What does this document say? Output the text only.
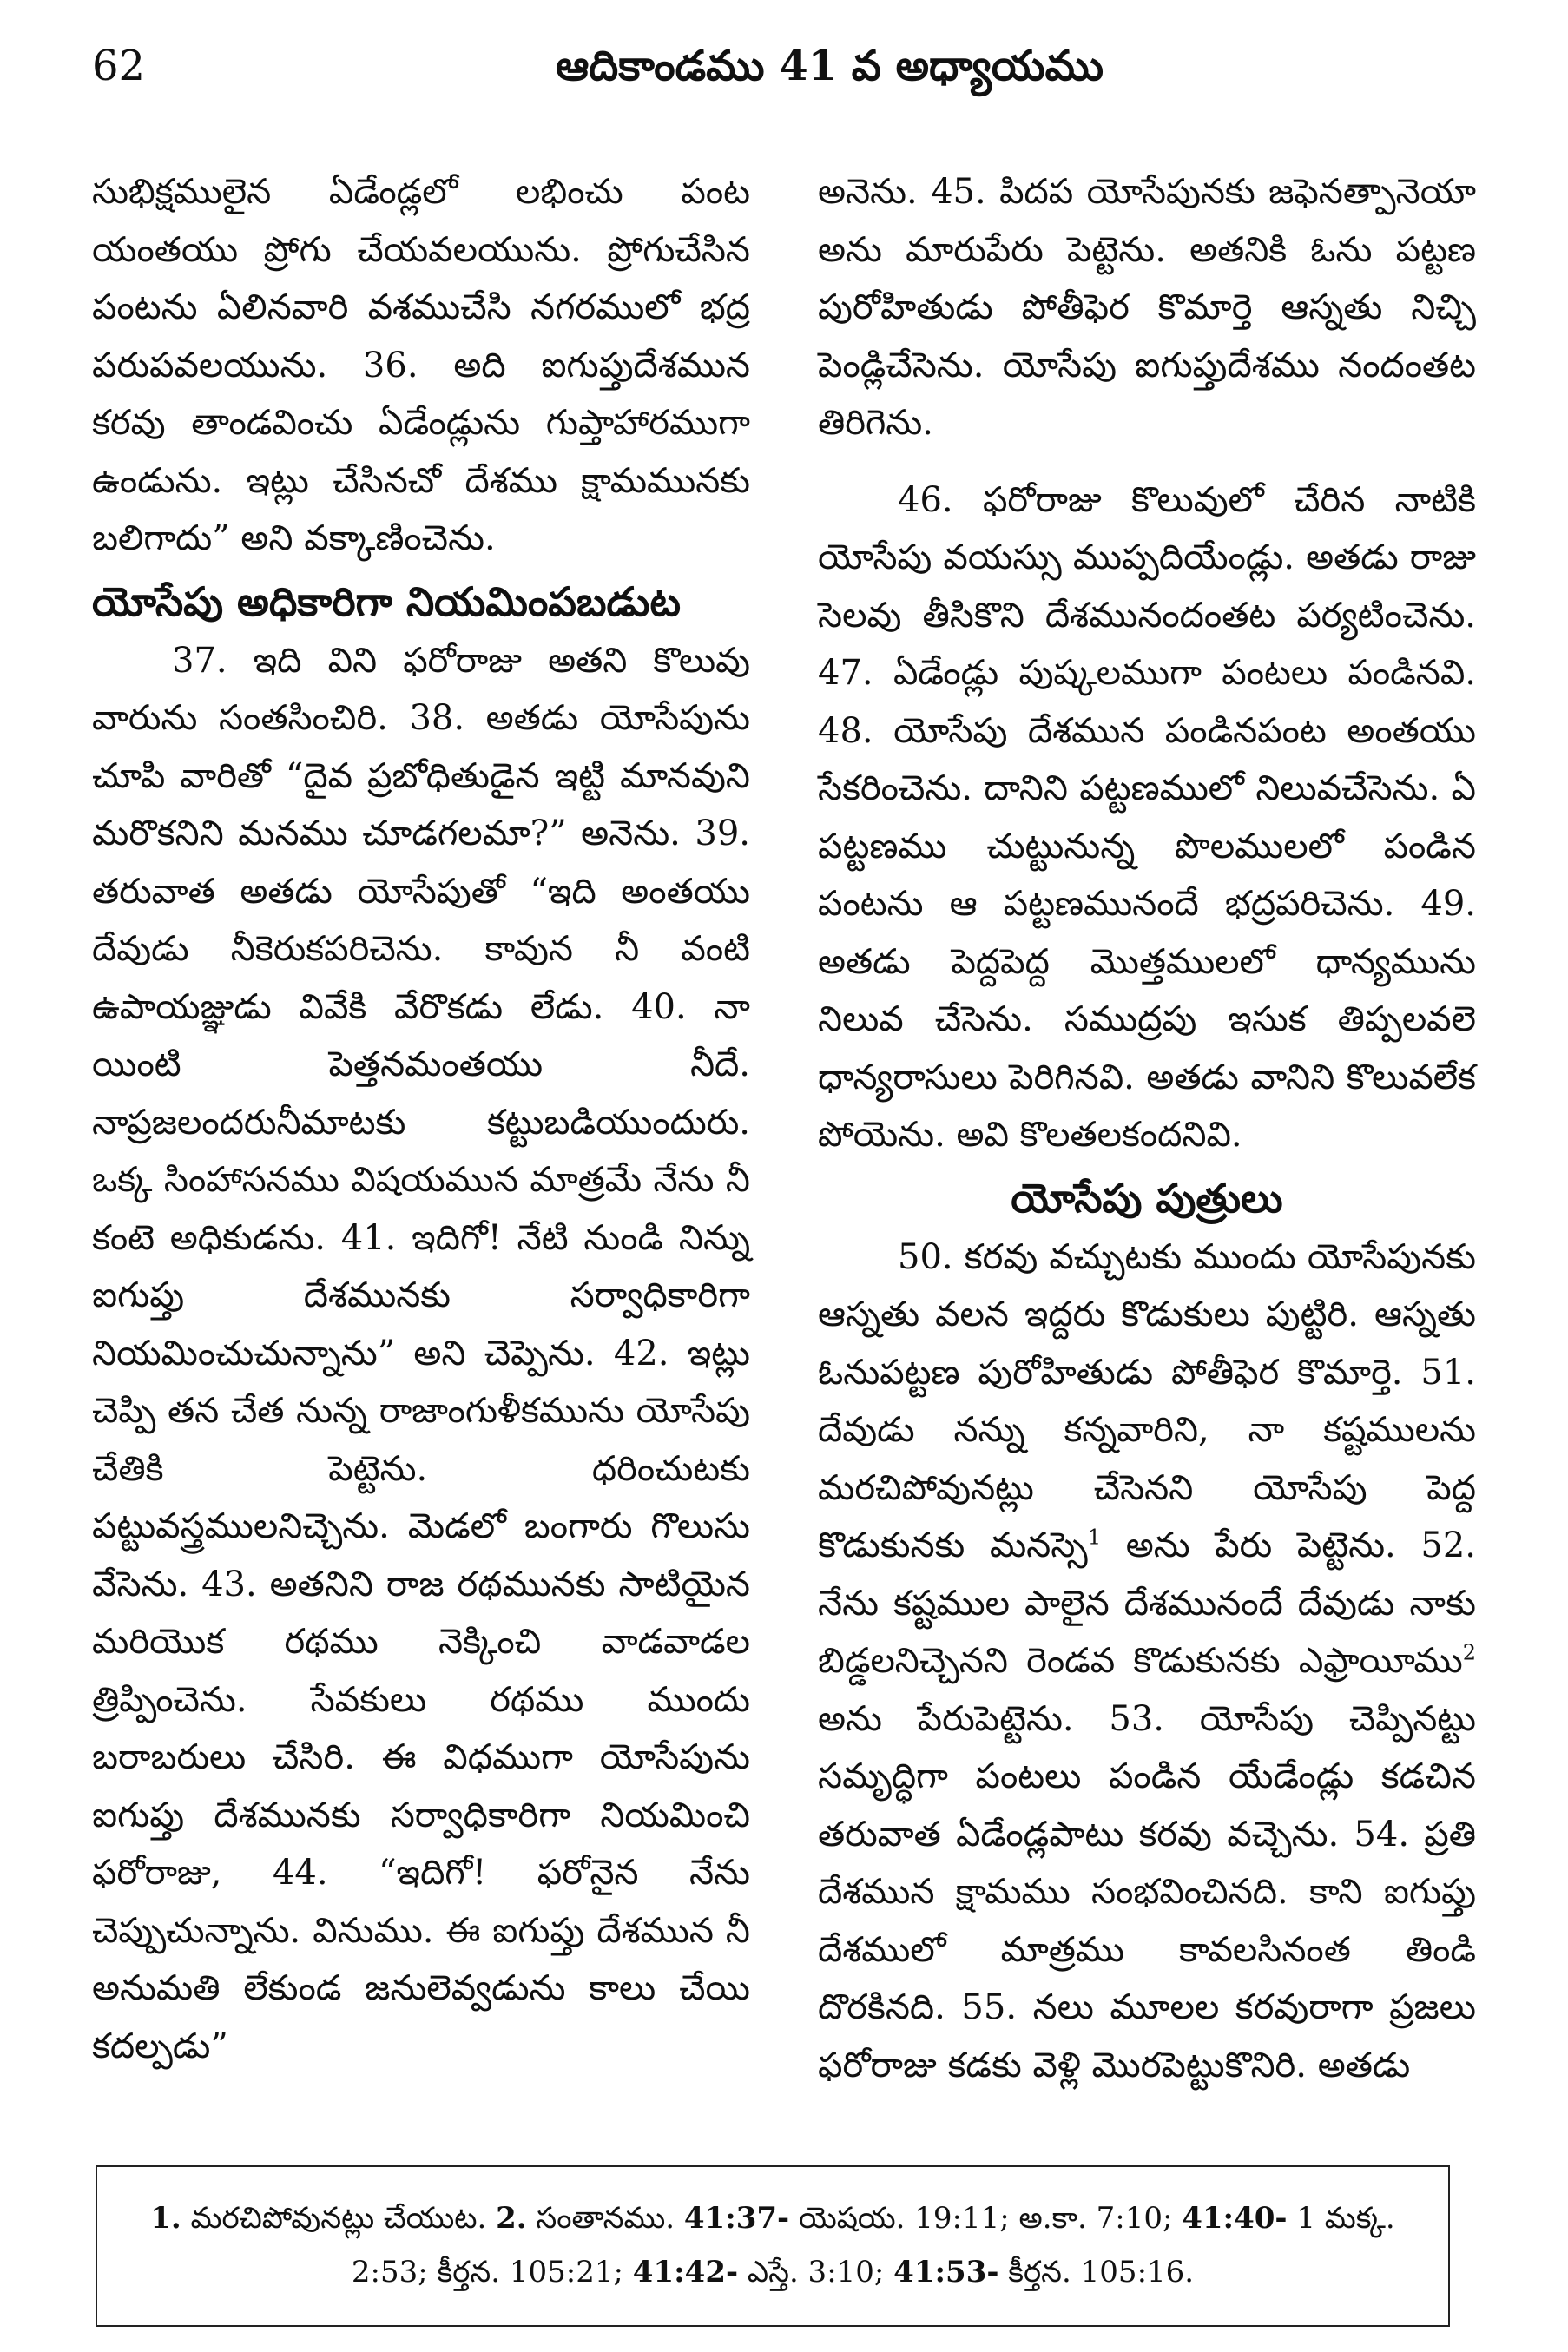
62	ఆదికాండము 41 వ అధ్యాయము

సుభిక్షములైన ఏడేండ్లలో లభించు పంట యంతయు ప్రోగు చేయవలయును. ప్రోగుచేసిన పంటను ఏలినవారి వశముచేసి నగరములో భద్ర పరుపవలయును. 36. అది ఐగుప్తుదేశమున కరవు తాండవించు ఏడేండ్లును గుప్తాహారముగా ఉండును. ఇట్లు చేసినచో దేశము క్షామమునకు బలిగాదు” అని వక్కాణించెను.

యోసేపు అధికారిగా నియమింపబడుట

37. ఇది విని ఫరోరాజు అతని కొలువు వారును సంతసించిరి. 38. అతడు యోసేపును చూపి వారితో “దైవ ప్రబోధితుడైన ఇట్టి మానవుని మరొకనిని మనము చూడగలమా?” అనెను. 39. తరువాత అతడు యోసేపుతో “ఇది అంతయు దేవుడు నీకెరుకపరిచెను. కావున నీ వంటి ఉపాయజ్ఞుడు వివేకి వేరొకడు లేడు. 40. నా యింటి పెత్తనమంతయు నీదే. నాప్రజలందరునీమాటకు కట్టుబడియుందురు. ఒక్క సింహాసనము విషయమున మాత్రమే నేను నీ కంటె అధికుడను. 41. ఇదిగో! నేటి నుండి నిన్ను ఐగుప్తు దేశమునకు సర్వాధికారిగా నియమించుచున్నాను” అని చెప్పెను. 42. ఇట్లు చెప్పి తన చేత నున్న రాజాంగుళీకమును యోసేపు చేతికి పెట్టెను. ధరించుటకు పట్టువస్త్రములనిచ్చెను. మెడలో బంగారు గొలుసు వేసెను. 43. అతనిని రాజ రథమునకు సాటియైన మరియొక రథము నెక్కించి వాడవాడల త్రిప్పించెను. సేవకులు రథము ముందు బరాబరులు చేసిరి. ఈ విధముగా యోసేపును ఐగుప్తు దేశమునకు సర్వాధికారిగా నియమించి ఫరోరాజు, 44. “ఇదిగో! ఫరోనైన నేను చెప్పుచున్నాను. వినుము. ఈ ఐగుప్తు దేశమున నీ అనుమతి లేకుండ జనులెవ్వడును కాలు చేయి కదల్పడు”

అనెను. 45. పిదప యోసేపునకు జఫెనత్పానెయా అను మారుపేరు పెట్టెను. అతనికి ఓను పట్టణ పురోహితుడు పోతీఫెర కొమార్తె ఆస్నతు నిచ్చి పెండ్లిచేసెను. యోసేపు ఐగుప్తుదేశము నందంతట తిరిగెను.

46. ఫరోరాజు కొలువులో చేరిన నాటికి యోసేపు వయస్సు ముప్పదియేండ్లు. అతడు రాజు సెలవు తీసికొని దేశమునందంతట పర్యటించెను. 47. ఏడేండ్లు పుష్కలముగా పంటలు పండినవి. 48. యోసేపు దేశమున పండినపంట అంతయు సేకరించెను. దానిని పట్టణములో నిలువచేసెను. ఏ పట్టణము చుట్టునున్న పొలములలో పండిన పంటను ఆ పట్టణమునందే భద్రపరిచెను. 49. అతడు పెద్దపెద్ద మొత్తములలో ధాన్యమును నిలువ చేసెను. సముద్రపు ఇసుక తిప్పలవలె ధాన్యరాసులు పెరిగినవి. అతడు వానిని కొలువలేక పోయెను. అవి కొలతలకందనివి.

యోసేపు పుత్రులు

50. కరవు వచ్చుటకు ముందు యోసేపునకు ఆస్నతు వలన ఇద్దరు కొడుకులు పుట్టిరి. ఆస్నతు ఓనుపట్టణ పురోహితుడు పోతీఫెర కొమార్తె. 51. దేవుడు నన్ను కన్నవారిని, నా కష్టములను మరచిపోవునట్లు చేసెనని యోసేపు పెద్ద కొడుకునకు మనస్సె$^1$ అను పేరు పెట్టెను. 52. నేను కష్టముల పాలైన దేశమునందే దేవుడు నాకు బిడ్డలనిచ్చెనని రెండవ కొడుకునకు ఎఫ్రాయీము$^2$ అను పేరుపెట్టెను. 53. యోసేపు చెప్పినట్టు సమృద్ధిగా పంటలు పండిన యేడేండ్లు కడచిన తరువాత ఏడేండ్లపాటు కరవు వచ్చెను. 54. ప్రతి దేశమున క్షామము సంభవించినది. కాని ఐగుప్తు దేశములో మాత్రము కావలసినంత తిండి దొరకినది. 55. నలు మూలల కరవురాగా ప్రజలు ఫరోరాజు కడకు వెళ్లి మొరపెట్టుకొనిరి. అతడు

1. మరచిపోవునట్లు చేయుట. 2. సంతానము. 41:37- యెషయ. 19:11; అ.కా. 7:10; 41:40- 1 మక్క. 2:53; కీర్తన. 105:21; 41:42- ఎస్తే. 3:10; 41:53- కీర్తన. 105:16.
